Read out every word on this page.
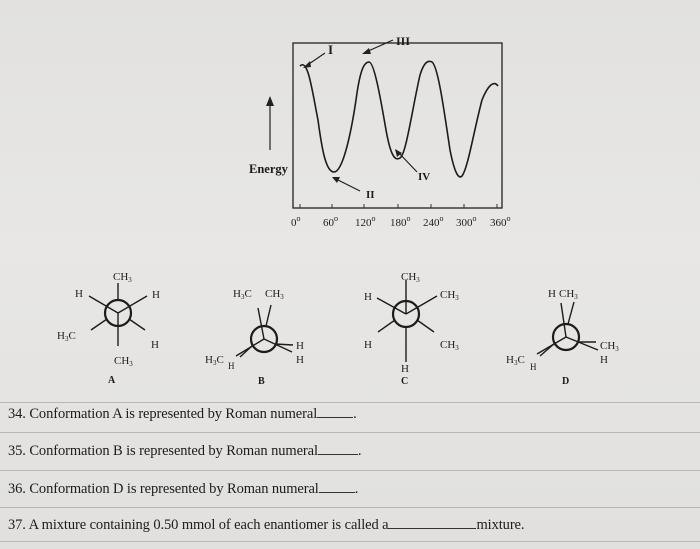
I
II
III
IV
Energy
0$^o$ 60$^o$ 120$^o$ 180$^o$ 240$^o$ 300$^o$ 360$^o$
CH3
H	H
H3C
H
CH3
A
H3C CH3
H3C H
H
H
B
CH3
H	CH3
H	CH3
H
C
H CH3
H3C
H
CH3
H
D
34. Conformation A is represented by Roman numeral .
35. Conformation B is represented by Roman numeral	.
36. Conformation D is represented by Roman numeral .
37. A mixture containing 0.50 mmol of each enantiomer is called a	mixture.
